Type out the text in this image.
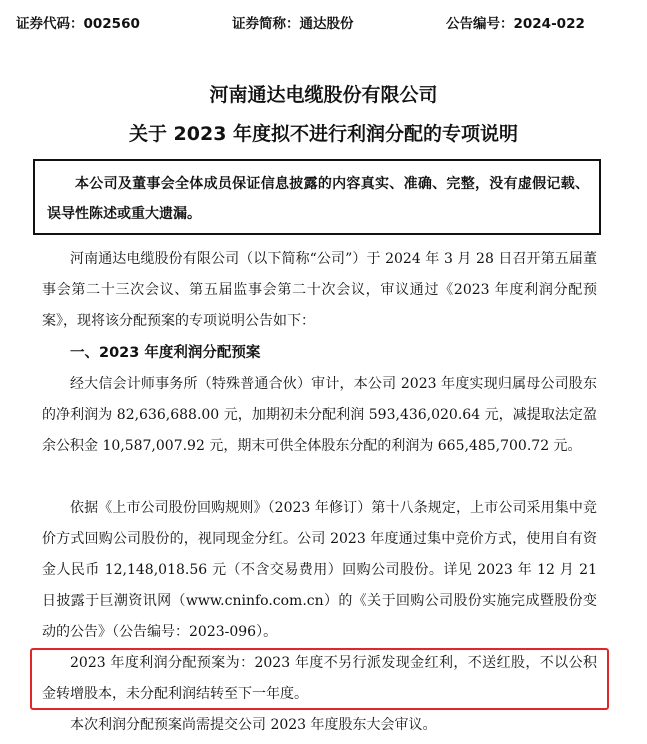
证券代码：002560	证券简称：通达股份	公告编号：2024-022
河南通达电缆股份有限公司
关于 2023 年度拟不进行利润分配的专项说明
本公司及董事会全体成员保证信息披露的内容真实、准确、完整，没有虚假记载、误导性陈述或重大遗漏。
河南通达电缆股份有限公司（以下简称“公司”）于 2024 年 3 月 28 日召开第五届董事会第二十三次会议、第五届监事会第二十次会议，审议通过《2023 年度利润分配预案》，现将该分配预案的专项说明公告如下：
一、2023 年度利润分配预案
经大信会计师事务所（特殊普通合伙）审计，本公司 2023 年度实现归属母公司股东的净利润为 82,636,688.00 元，加期初未分配利润 593,436,020.64 元，减提取法定盈余公积金 10,587,007.92 元，期末可供全体股东分配的利润为 665,485,700.72 元。
依据《上市公司股份回购规则》（2023 年修订）第十八条规定，上市公司采用集中竞价方式回购公司股份的，视同现金分红。公司 2023 年度通过集中竞价方式，使用自有资金人民币 12,148,018.56 元（不含交易费用）回购公司股份。详见 2023 年 12 月 21 日披露于巨潮资讯网（www.cninfo.com.cn）的《关于回购公司股份实施完成暨股份变动的公告》（公告编号：2023-096）。
2023 年度利润分配预案为：2023 年度不另行派发现金红利，不送红股，不以公积金转增股本，未分配利润结转至下一年度。
本次利润分配预案尚需提交公司 2023 年度股东大会审议。
